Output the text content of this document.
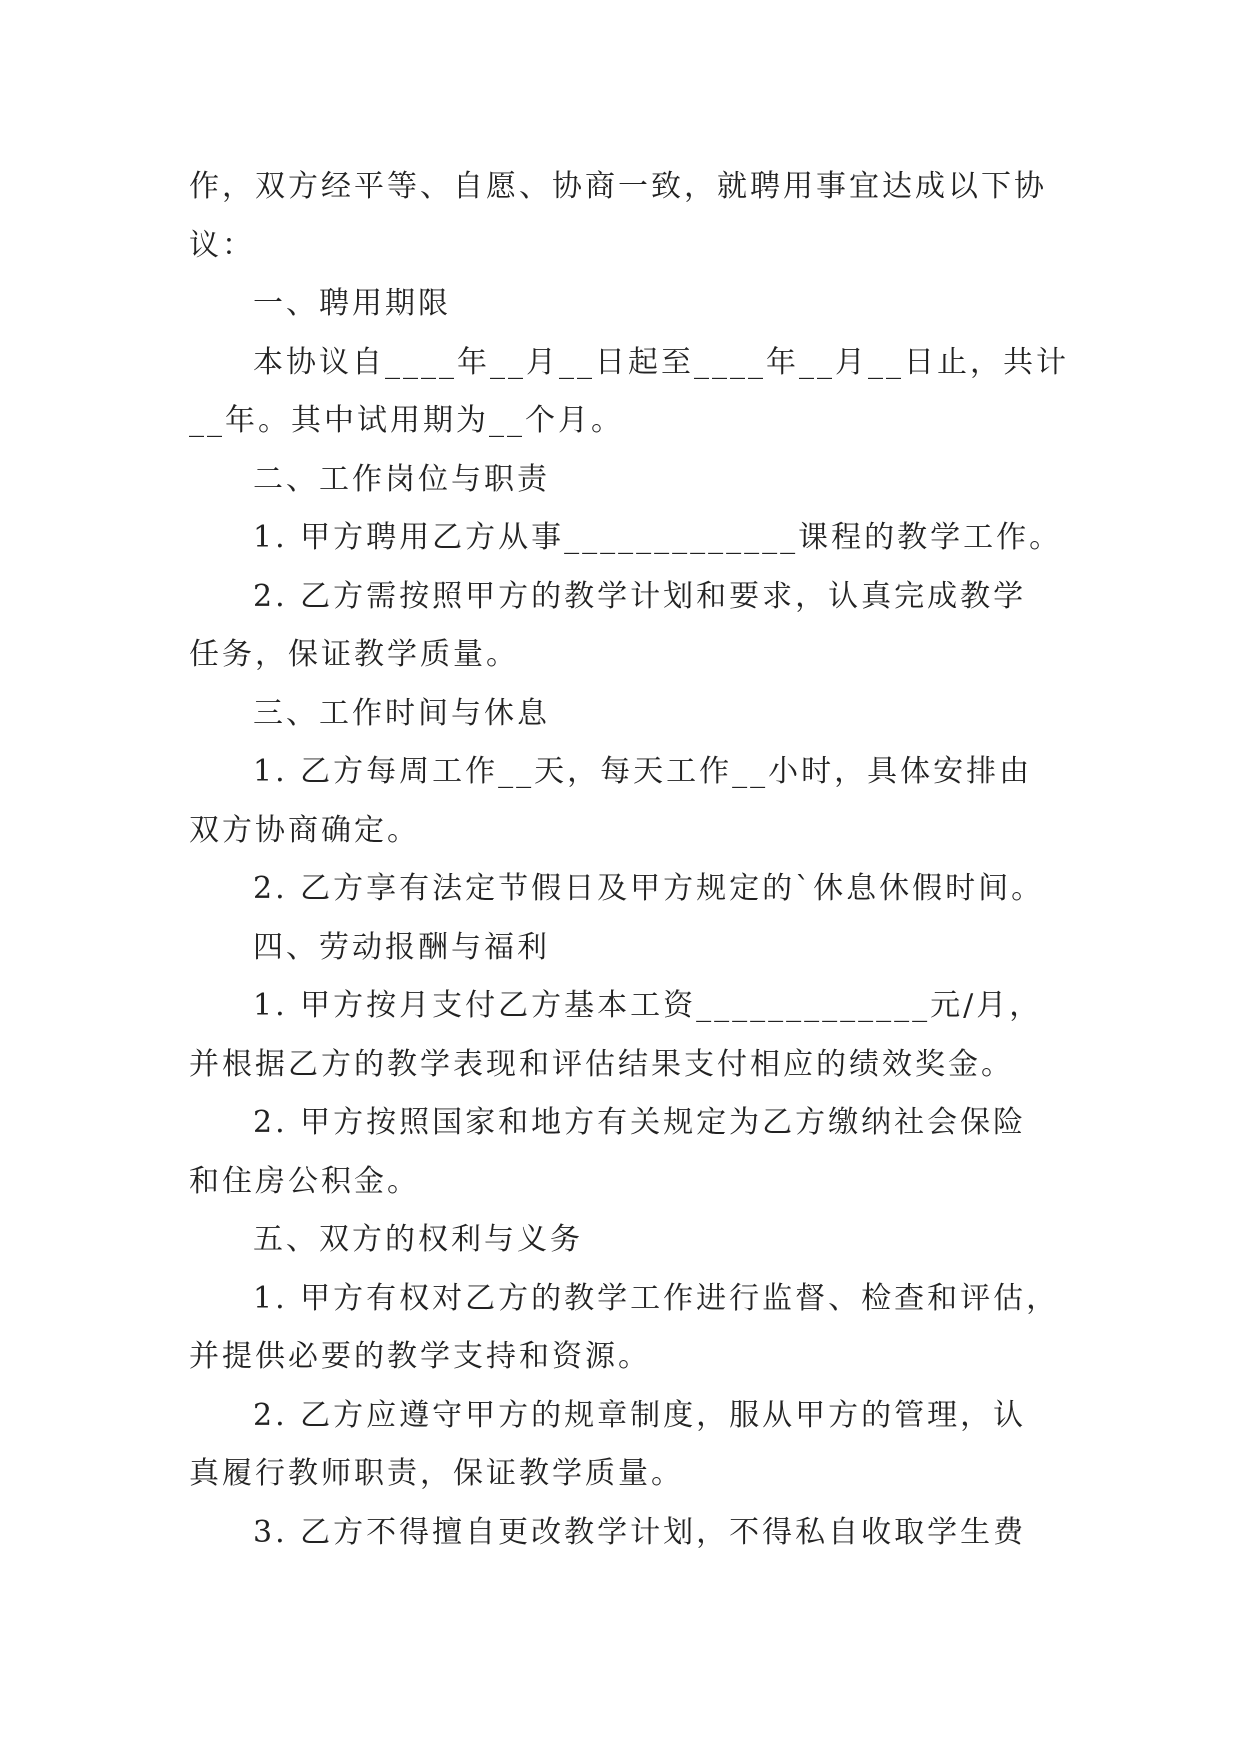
作，双方经平等、自愿、协商一致，就聘用事宜达成以下协
议：
一、聘用期限
本协议自____年__月__日起至____年__月__日止，共计
__年。其中试用期为__个月。
二、工作岗位与职责
1. 甲方聘用乙方从事_____________课程的教学工作。
2. 乙方需按照甲方的教学计划和要求，认真完成教学
任务，保证教学质量。
三、工作时间与休息
1. 乙方每周工作__天，每天工作__小时，具体安排由
双方协商确定。
2. 乙方享有法定节假日及甲方规定的`休息休假时间。
四、劳动报酬与福利
1. 甲方按月支付乙方基本工资_____________元/月，
并根据乙方的教学表现和评估结果支付相应的绩效奖金。
2. 甲方按照国家和地方有关规定为乙方缴纳社会保险
和住房公积金。
五、双方的权利与义务
1. 甲方有权对乙方的教学工作进行监督、检查和评估，
并提供必要的教学支持和资源。
2. 乙方应遵守甲方的规章制度，服从甲方的管理，认
真履行教师职责，保证教学质量。
3. 乙方不得擅自更改教学计划，不得私自收取学生费
